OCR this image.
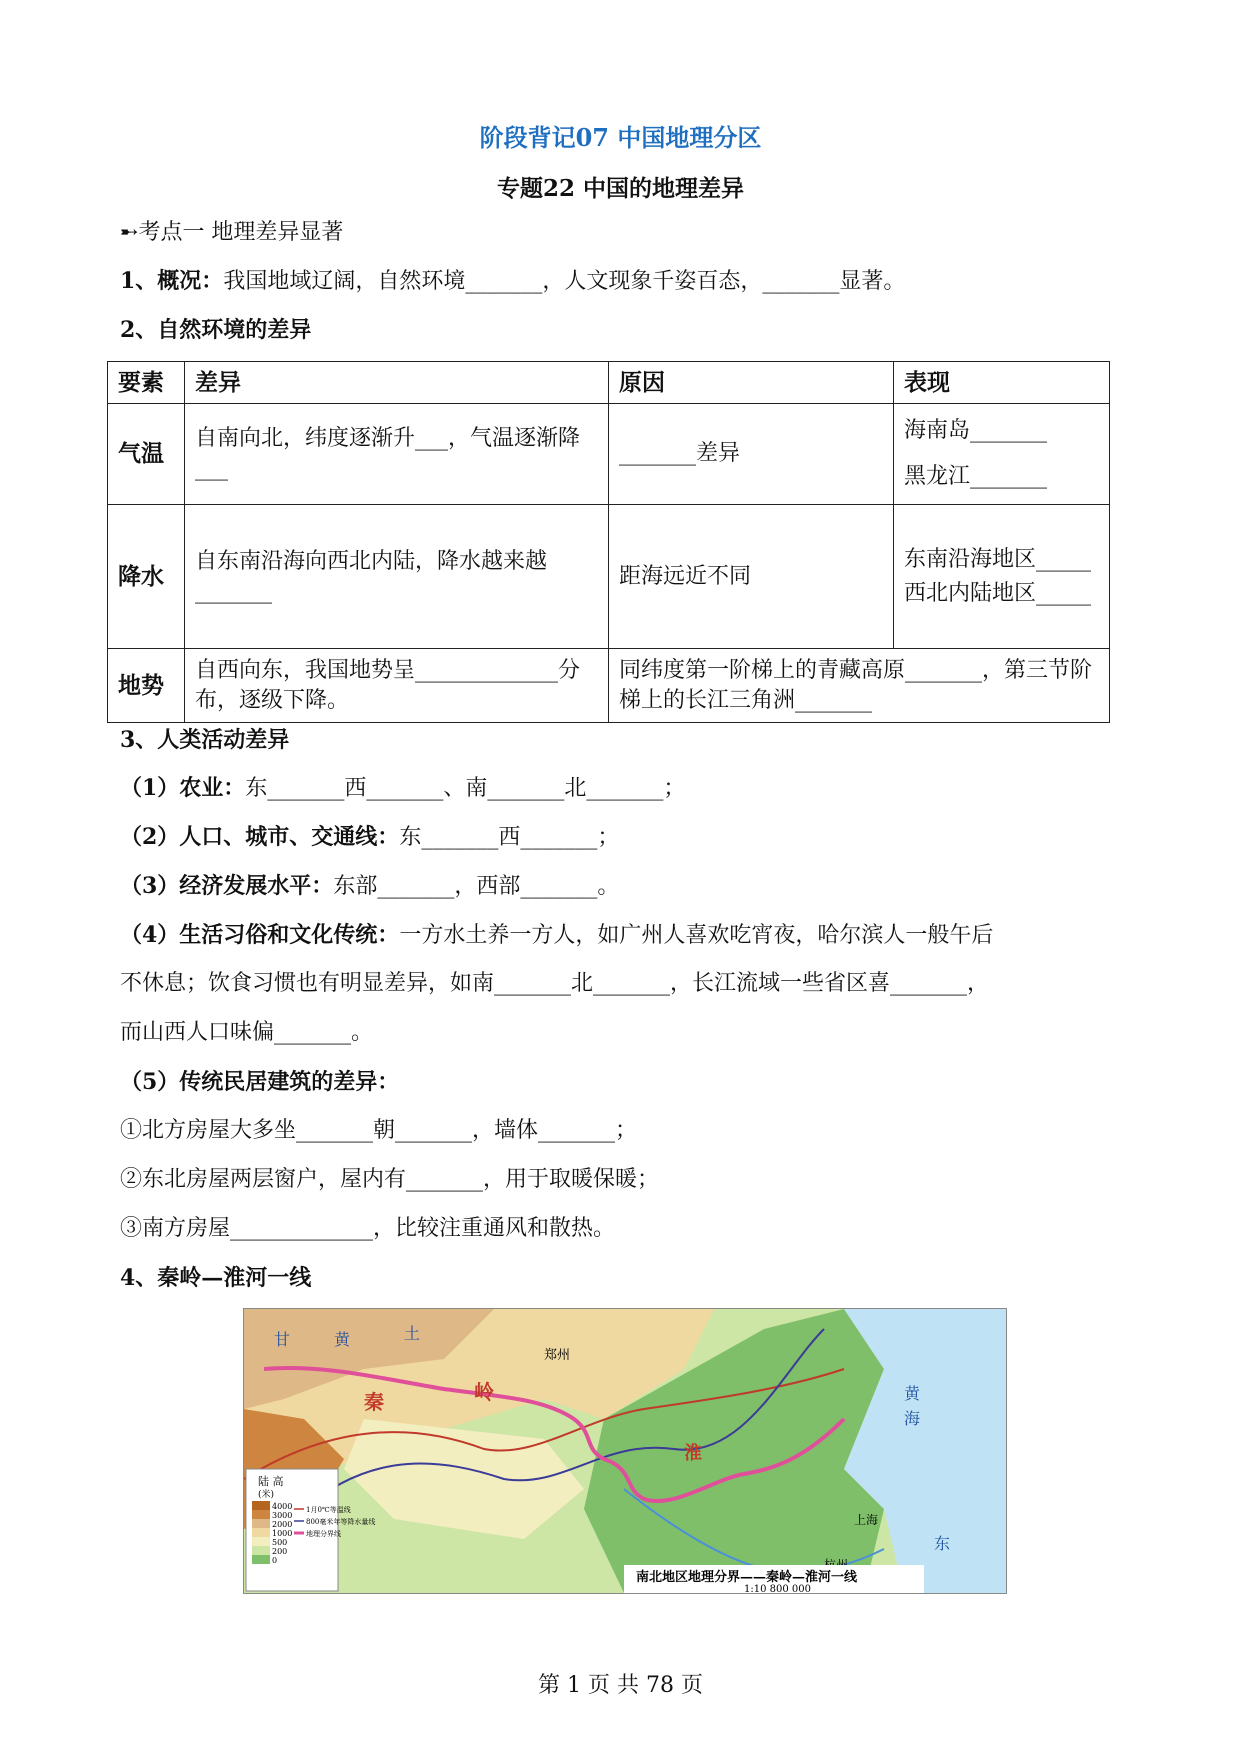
阶段背记07 中国地理分区
专题22 中国的地理差异
➸考点一 地理差异显著
1、概况：我国地域辽阔，自然环境_______，人文现象千姿百态，_______显著。
2、自然环境的差异
要素	差异	原因	表现
气温	自南向北，纬度逐渐升___，气温逐渐降___	_______差异	海南岛_______
黑龙江_______

降水	自东南沿海向西北内陆，降水越来越_______	距海远近不同	东南沿海地区_____
西北内陆地区_____

地势	自西向东，我国地势呈_____________分布，逐级下降。	同纬度第一阶梯上的青藏高原_______，第三节阶梯上的长江三角洲_______	
3、人类活动差异
（1）农业：东_______西_______、南_______北_______；
（2）人口、城市、交通线：东_______西_______；
（3）经济发展水平：东部_______，西部_______。
（4）生活习俗和文化传统：一方水土养一方人，如广州人喜欢吃宵夜，哈尔滨人一般午后
不休息；饮食习惯也有明显差异，如南_______北_______，长江流域一些省区喜_______，
而山西人口味偏_______。
（5）传统民居建筑的差异：
①北方房屋大多坐_______朝_______，墙体_______；
②东北房屋两层窗户，屋内有_______，用于取暖保暖；
③南方房屋_____________，比较注重通风和散热。
4、秦岭—淮河一线
甘	黄	土
秦	岭
郑州
淮
黄
海
东
上海
陆 高
(米)
4000
3000
2000
1000
500
200
0
1月0℃等温线
800毫米年等降水量线
地理分界线
南北地区地理分界——秦岭—淮河一线
1:10 800 000
第 1 页 共 78 页
